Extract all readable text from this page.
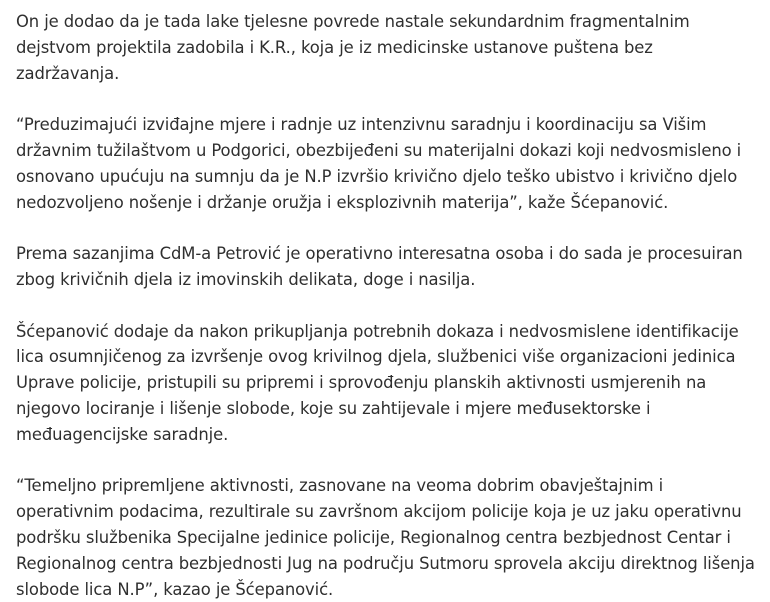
On je dodao da je tada lake tjelesne povrede nastale sekundardnim fragmentalnim dejstvom projektila zadobila i K.R., koja je iz medicinske ustanove puštena bez zadržavanja.

“Preduzimajući izviđajne mjere i radnje uz intenzivnu saradnju i koordinaciju sa Višim državnim tužilaštvom u Podgorici, obezbijeđeni su materijalni dokazi koji nedvosmisleno i osnovano upućuju na sumnju da je N.P izvršio krivično djelo teško ubistvo i krivično djelo nedozvoljeno nošenje i držanje oružja i eksplozivnih materija”, kaže Šćepanović.

Prema sazanjima CdM-a Petrović je operativno interesatna osoba i do sada je procesuiran zbog krivičnih djela iz imovinskih delikata, doge i nasilja.

Šćepanović dodaje da nakon prikupljanja potrebnih dokaza i nedvosmislene identifikacije lica osumnjičenog za izvršenje ovog krivilnog djela, službenici više organizacioni jedinica Uprave policije, pristupili su pripremi i sprovođenju planskih aktivnosti usmjerenih na njegovo lociranje i lišenje slobode, koje su zahtijevale i mjere međusektorske i međuagencijske saradnje.

“Temeljno pripremljene aktivnosti, zasnovane na veoma dobrim obavještajnim i operativnim podacima, rezultirale su završnom akcijom policije koja je uz jaku operativnu podršku službenika Specijalne jedinice policije, Regionalnog centra bezbjednost Centar i Regionalnog centra bezbjednosti Jug na području Sutmoru sprovela akciju direktnog lišenja slobode lica N.P”, kazao je Šćepanović.
